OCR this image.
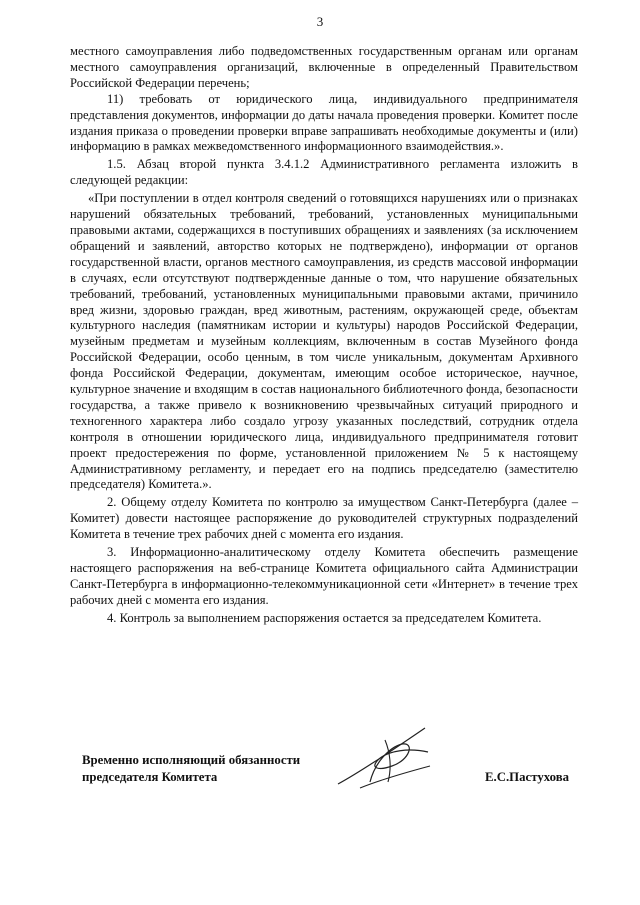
3

местного самоуправления либо подведомственных государственным органам или органам местного самоуправления организаций, включенные в определенный Правительством Российской Федерации перечень;

11) требовать от юридического лица, индивидуального предпринимателя представления документов, информации до даты начала проведения проверки. Комитет после издания приказа о проведении проверки вправе запрашивать необходимые документы и (или) информацию в рамках межведомственного информационного взаимодействия.».

1.5. Абзац второй пункта 3.4.1.2 Административного регламента изложить в следующей редакции:

«При поступлении в отдел контроля сведений о готовящихся нарушениях или о признаках нарушений обязательных требований, требований, установленных муниципальными правовыми актами, содержащихся в поступивших обращениях и заявлениях (за исключением обращений и заявлений, авторство которых не подтверждено), информации от органов государственной власти, органов местного самоуправления, из средств массовой информации в случаях, если отсутствуют подтвержденные данные о том, что нарушение обязательных требований, требований, установленных муниципальными правовыми актами, причинило вред жизни, здоровью граждан, вред животным, растениям, окружающей среде, объектам культурного наследия (памятникам истории и культуры) народов Российской Федерации, музейным предметам и музейным коллекциям, включенным в состав Музейного фонда Российской Федерации, особо ценным, в том числе уникальным, документам Архивного фонда Российской Федерации, документам, имеющим особое историческое, научное, культурное значение и входящим в состав национального библиотечного фонда, безопасности государства, а также привело к возникновению чрезвычайных ситуаций природного и техногенного характера либо создало угрозу указанных последствий, сотрудник отдела контроля в отношении юридического лица, индивидуального предпринимателя готовит проект предостережения по форме, установленной приложением № 5 к настоящему Административному регламенту, и передает его на подпись председателю (заместителю председателя) Комитета.».

2. Общему отделу Комитета по контролю за имуществом Санкт-Петербурга (далее – Комитет) довести настоящее распоряжение до руководителей структурных подразделений Комитета в течение трех рабочих дней с момента его издания.

3. Информационно-аналитическому отделу Комитета обеспечить размещение настоящего распоряжения на веб-странице Комитета официального сайта Администрации Санкт-Петербурга в информационно-телекоммуникационной сети «Интернет» в течение трех рабочих дней с момента его издания.

4. Контроль за выполнением распоряжения остается за председателем Комитета.

Временно исполняющий обязанности
председателя Комитета	Е.С.Пастухова
